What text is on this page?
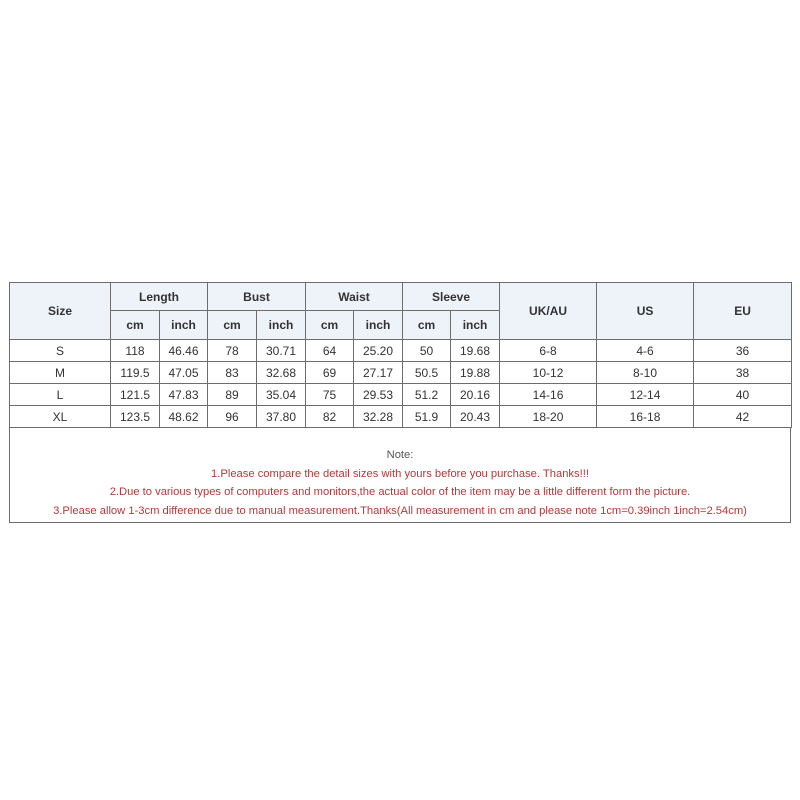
Size	Length		Bust		Waist		Sleeve		UK/AU	US	EU
	cm	inch	cm	inch	cm	inch	cm	inch			
S	118	46.46	78	30.71	64	25.20	50	19.68	6-8	4-6	36
M	119.5	47.05	83	32.68	69	27.17	50.5	19.88	10-12	8-10	38
L	121.5	47.83	89	35.04	75	29.53	51.2	20.16	14-16	12-14	40
XL	123.5	48.62	96	37.80	82	32.28	51.9	20.43	18-20	16-18	42
Note:
1.Please compare the detail sizes with yours before you purchase. Thanks!!!
2.Due to various types of computers and monitors,the actual color of the item may be a little different form the picture.
3.Please allow 1-3cm difference due to manual measurement.Thanks(All measurement in cm and please note 1cm=0.39inch 1inch=2.54cm)
